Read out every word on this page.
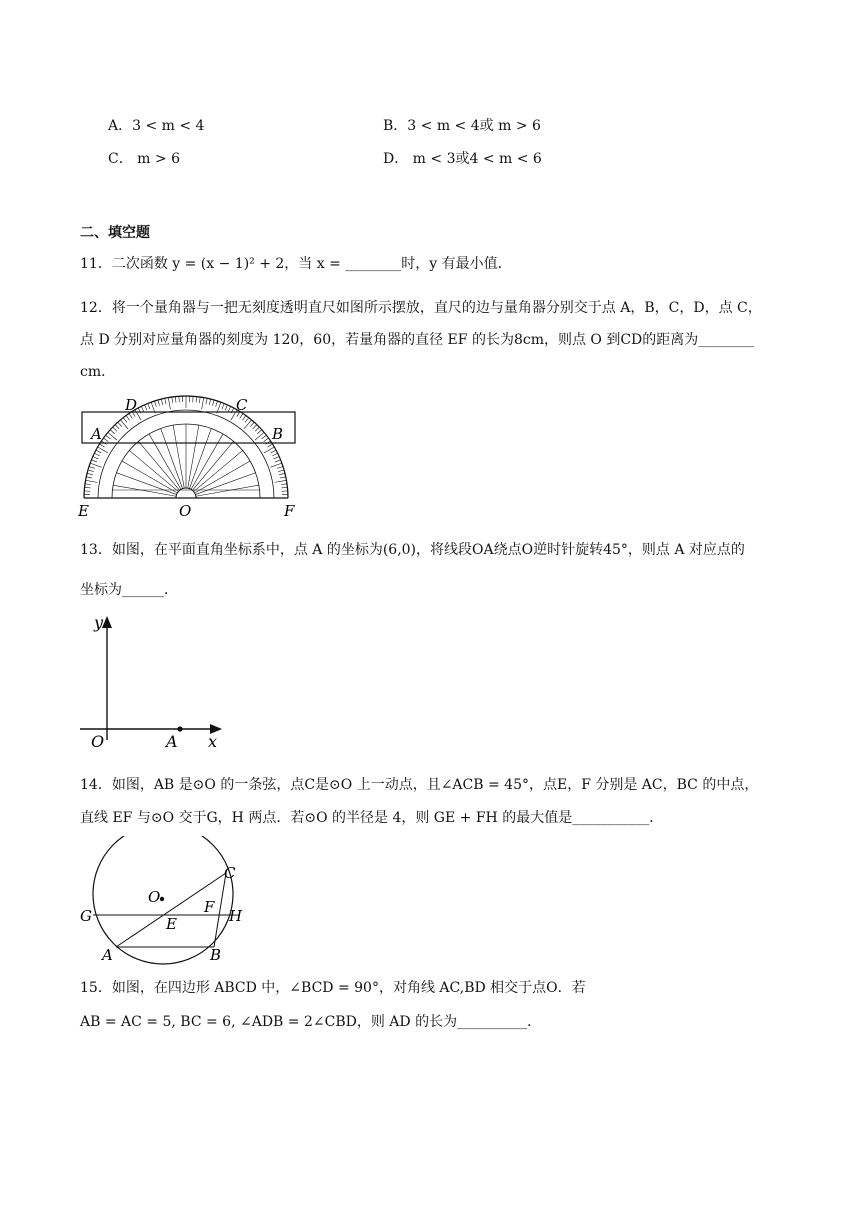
A．3 < m < 4	B．3 < m < 4或 m > 6
C． m > 6	D． m < 3或4 < m < 6
二、填空题
11．二次函数 y = (x − 1)² + 2，当 x = ________时，y 有最小值．
12．将一个量角器与一把无刻度透明直尺如图所示摆放，直尺的边与量角器分别交于点 A，B，C，D，点 C，
点 D 分别对应量角器的刻度为 120，60，若量角器的直径 EF 的长为8cm，则点 O 到CD的距离为________
cm．
D	C
A	B
E	O	F
13．如图，在平面直角坐标系中，点 A 的坐标为(6,0)，将线段OA绕点O逆时针旋转45°，则点 A 对应点的
坐标为______．
y
x
O	A
14．如图，AB 是⊙O 的一条弦，点C是⊙O 上一动点，且∠ACB = 45°，点E，F 分别是 AC，BC 的中点，
直线 EF 与⊙O 交于G，H 两点．若⊙O 的半径是 4，则 GE + FH 的最大值是___________．
O
C
G	E
F H
A	B
15．如图，在四边形 ABCD 中，∠BCD = 90°，对角线 AC,BD 相交于点O．若
AB = AC = 5, BC = 6, ∠ADB = 2∠CBD，则 AD 的长为__________．
